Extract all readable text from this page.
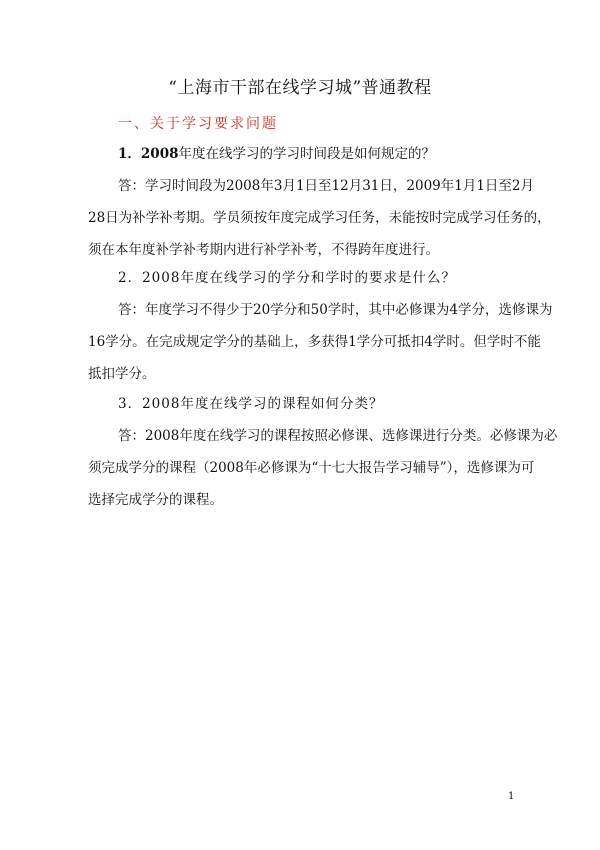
“上海市干部在线学习城”普通教程
一、关于学习要求问题
1．2008年度在线学习的学习时间段是如何规定的？
答：学习时间段为2008年3月1日至12月31日，2009年1月1日至2月
28日为补学补考期。学员须按年度完成学习任务，未能按时完成学习任务的，
须在本年度补学补考期内进行补学补考，不得跨年度进行。
2．2008年度在线学习的学分和学时的要求是什么？
答：年度学习不得少于20学分和50学时，其中必修课为4学分，选修课为
16学分。在完成规定学分的基础上，多获得1学分可抵扣4学时。但学时不能
抵扣学分。
3．2008年度在线学习的课程如何分类？
答：2008年度在线学习的课程按照必修课、选修课进行分类。必修课为必
须完成学分的课程（2008年必修课为“十七大报告学习辅导”），选修课为可
选择完成学分的课程。
1
